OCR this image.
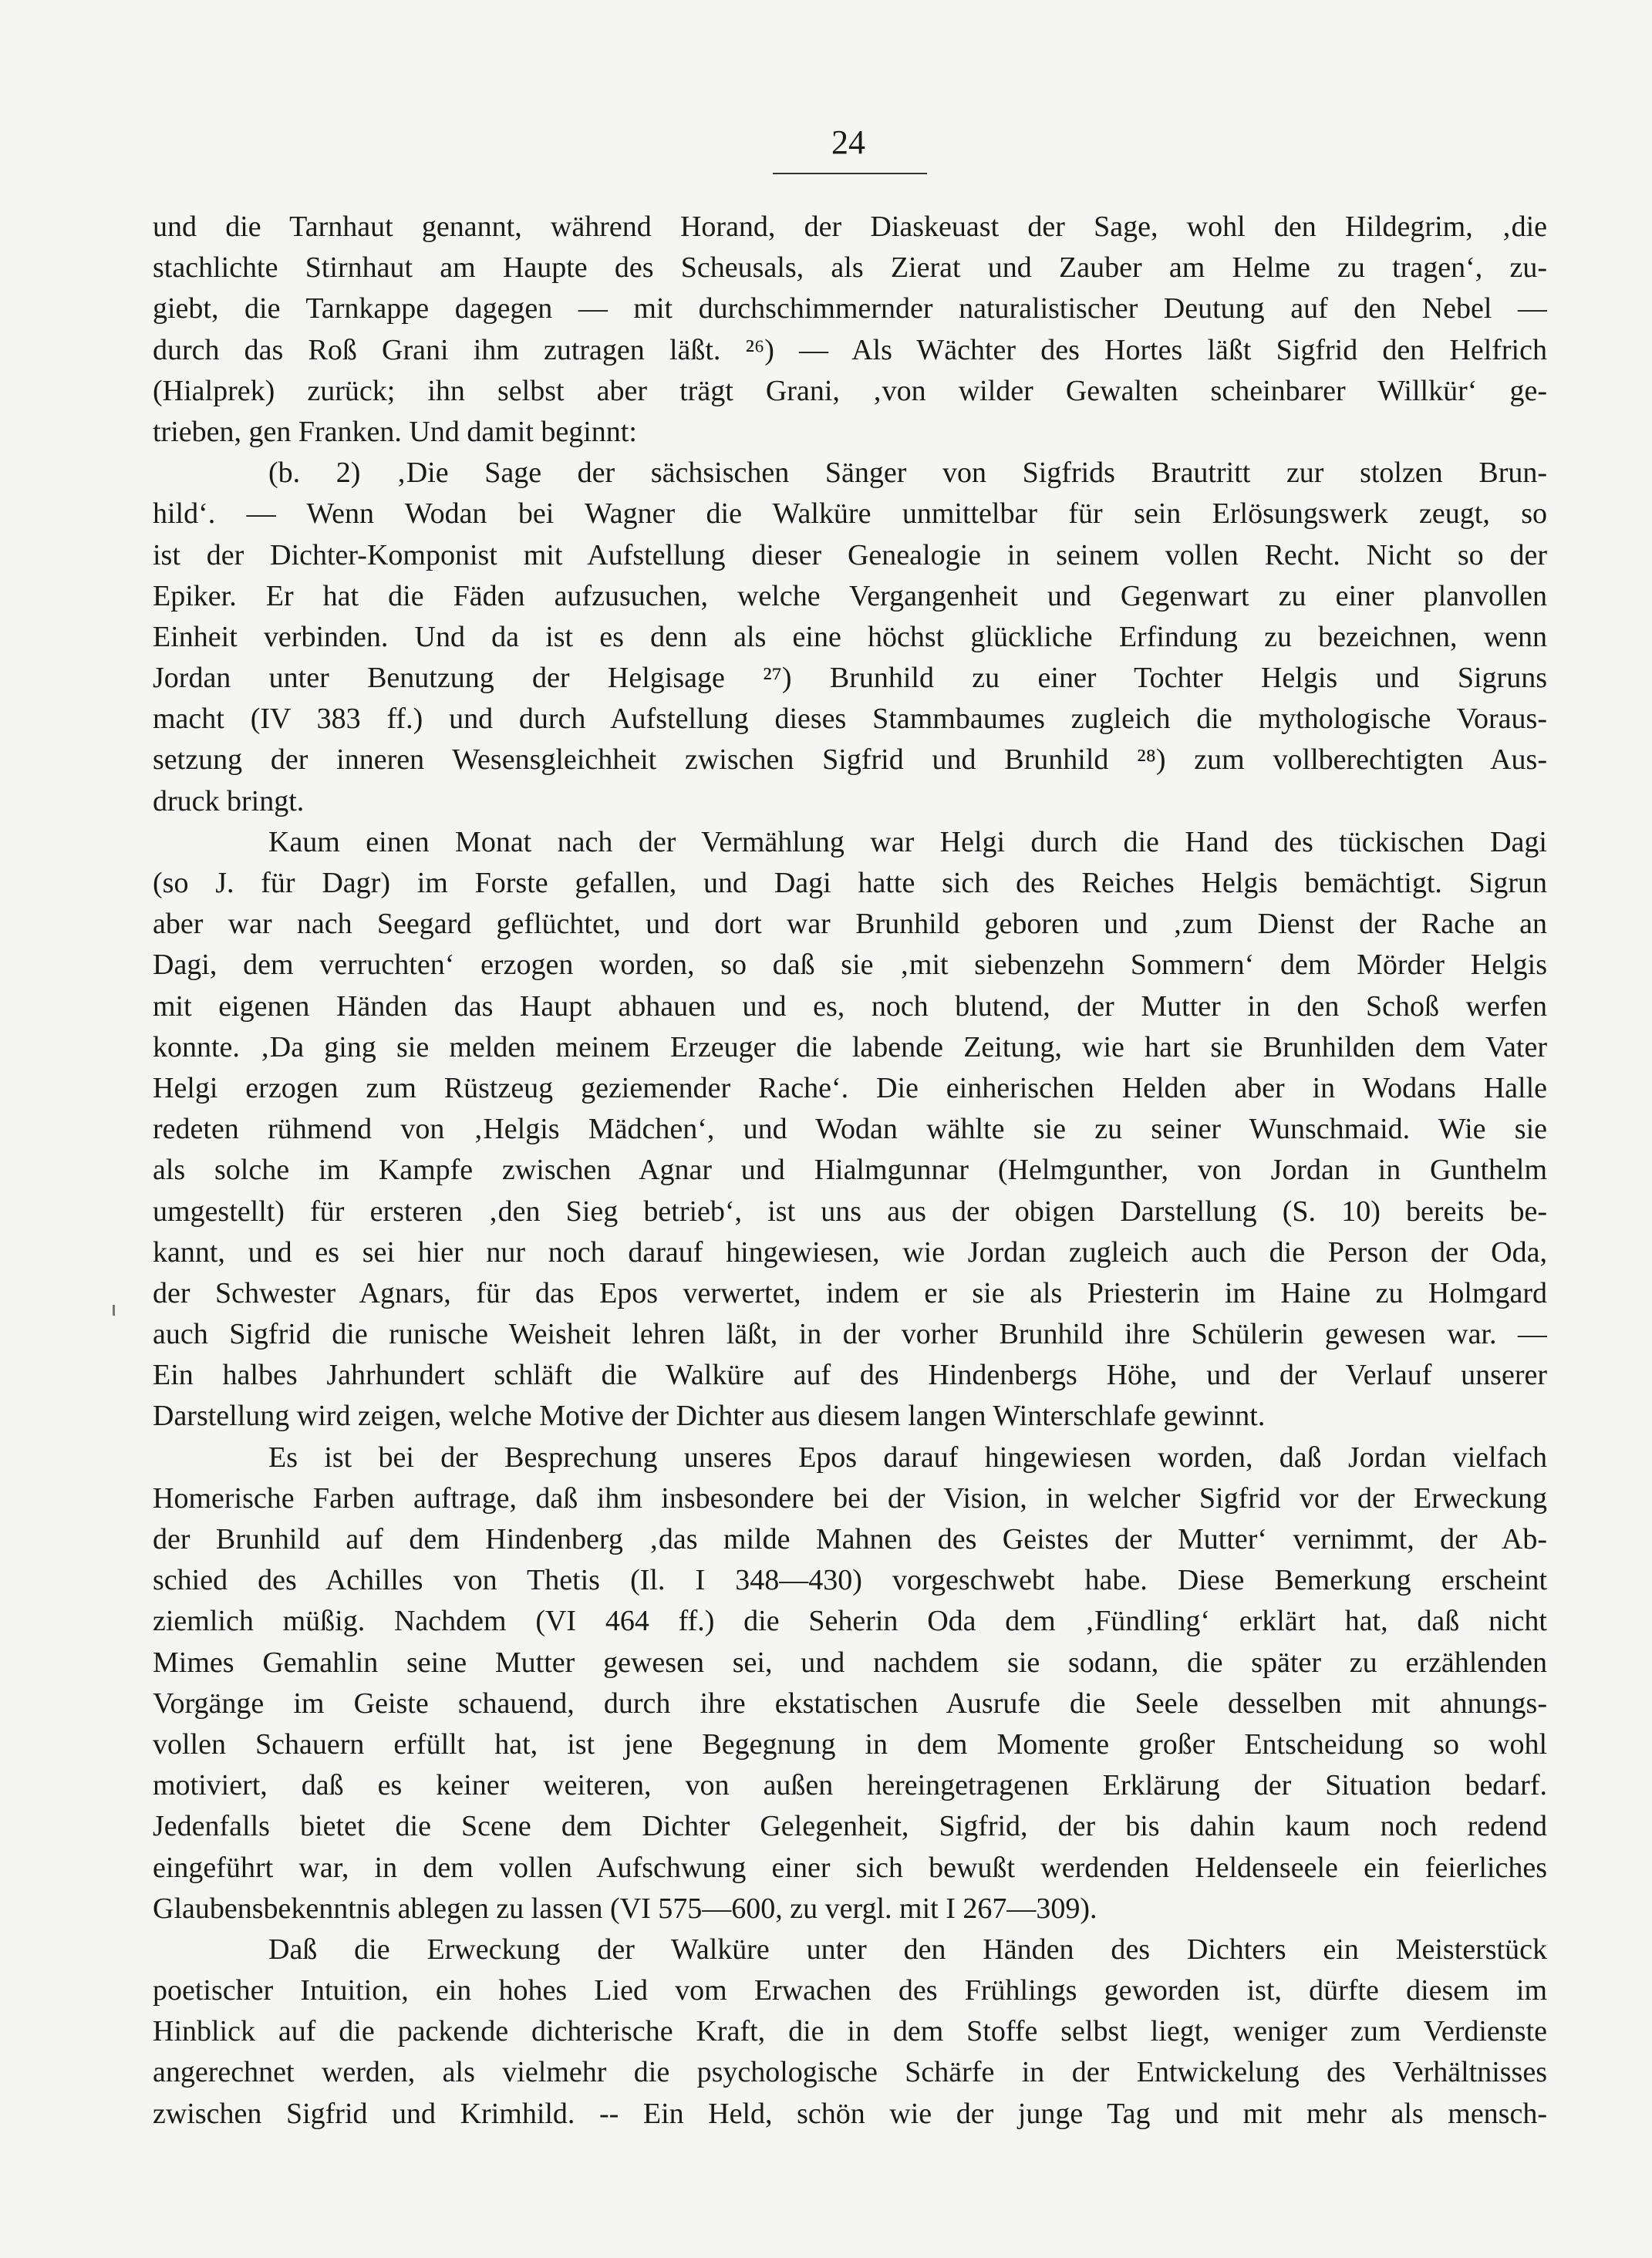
24
und die Tarnhaut genannt, während Horand, der Diaskeuast der Sage, wohl den Hildegrim, ‚die
stachlichte Stirnhaut am Haupte des Scheusals, als Zierat und Zauber am Helme zu tragen‘, zu-
giebt, die Tarnkappe dagegen — mit durchschimmernder naturalistischer Deutung auf den Nebel —
durch das Roß Grani ihm zutragen läßt. ²⁶) — Als Wächter des Hortes läßt Sigfrid den Helfrich
(Hialprek) zurück; ihn selbst aber trägt Grani, ‚von wilder Gewalten scheinbarer Willkür‘ ge-
trieben, gen Franken. Und damit beginnt:
(b. 2) ‚Die Sage der sächsischen Sänger von Sigfrids Brautritt zur stolzen Brun-
hild‘. — Wenn Wodan bei Wagner die Walküre unmittelbar für sein Erlösungswerk zeugt, so
ist der Dichter-Komponist mit Aufstellung dieser Genealogie in seinem vollen Recht. Nicht so der
Epiker. Er hat die Fäden aufzusuchen, welche Vergangenheit und Gegenwart zu einer planvollen
Einheit verbinden. Und da ist es denn als eine höchst glückliche Erfindung zu bezeichnen, wenn
Jordan unter Benutzung der Helgisage ²⁷) Brunhild zu einer Tochter Helgis und Sigruns
macht (IV 383 ff.) und durch Aufstellung dieses Stammbaumes zugleich die mythologische Voraus-
setzung der inneren Wesensgleichheit zwischen Sigfrid und Brunhild ²⁸) zum vollberechtigten Aus-
druck bringt.
Kaum einen Monat nach der Vermählung war Helgi durch die Hand des tückischen Dagi
(so J. für Dagr) im Forste gefallen, und Dagi hatte sich des Reiches Helgis bemächtigt. Sigrun
aber war nach Seegard geflüchtet, und dort war Brunhild geboren und ‚zum Dienst der Rache an
Dagi, dem verruchten‘ erzogen worden, so daß sie ‚mit siebenzehn Sommern‘ dem Mörder Helgis
mit eigenen Händen das Haupt abhauen und es, noch blutend, der Mutter in den Schoß werfen
konnte. ‚Da ging sie melden meinem Erzeuger die labende Zeitung, wie hart sie Brunhilden dem Vater
Helgi erzogen zum Rüstzeug geziemender Rache‘. Die einherischen Helden aber in Wodans Halle
redeten rühmend von ‚Helgis Mädchen‘, und Wodan wählte sie zu seiner Wunschmaid. Wie sie
als solche im Kampfe zwischen Agnar und Hialmgunnar (Helmgunther, von Jordan in Gunthelm
umgestellt) für ersteren ‚den Sieg betrieb‘, ist uns aus der obigen Darstellung (S. 10) bereits be-
kannt, und es sei hier nur noch darauf hingewiesen, wie Jordan zugleich auch die Person der Oda,
der Schwester Agnars, für das Epos verwertet, indem er sie als Priesterin im Haine zu Holmgard
auch Sigfrid die runische Weisheit lehren läßt, in der vorher Brunhild ihre Schülerin gewesen war. —
Ein halbes Jahrhundert schläft die Walküre auf des Hindenbergs Höhe, und der Verlauf unserer
Darstellung wird zeigen, welche Motive der Dichter aus diesem langen Winterschlafe gewinnt.
Es ist bei der Besprechung unseres Epos darauf hingewiesen worden, daß Jordan vielfach
Homerische Farben auftrage, daß ihm insbesondere bei der Vision, in welcher Sigfrid vor der Erweckung
der Brunhild auf dem Hindenberg ‚das milde Mahnen des Geistes der Mutter‘ vernimmt, der Ab-
schied des Achilles von Thetis (Il. I 348—430) vorgeschwebt habe. Diese Bemerkung erscheint
ziemlich müßig. Nachdem (VI 464 ff.) die Seherin Oda dem ‚Fündling‘ erklärt hat, daß nicht
Mimes Gemahlin seine Mutter gewesen sei, und nachdem sie sodann, die später zu erzählenden
Vorgänge im Geiste schauend, durch ihre ekstatischen Ausrufe die Seele desselben mit ahnungs-
vollen Schauern erfüllt hat, ist jene Begegnung in dem Momente großer Entscheidung so wohl
motiviert, daß es keiner weiteren, von außen hereingetragenen Erklärung der Situation bedarf.
Jedenfalls bietet die Scene dem Dichter Gelegenheit, Sigfrid, der bis dahin kaum noch redend
eingeführt war, in dem vollen Aufschwung einer sich bewußt werdenden Heldenseele ein feierliches
Glaubensbekenntnis ablegen zu lassen (VI 575—600, zu vergl. mit I 267—309).
Daß die Erweckung der Walküre unter den Händen des Dichters ein Meisterstück
poetischer Intuition, ein hohes Lied vom Erwachen des Frühlings geworden ist, dürfte diesem im
Hinblick auf die packende dichterische Kraft, die in dem Stoffe selbst liegt, weniger zum Verdienste
angerechnet werden, als vielmehr die psychologische Schärfe in der Entwickelung des Verhältnisses
zwischen Sigfrid und Krimhild. -- Ein Held, schön wie der junge Tag und mit mehr als mensch-
